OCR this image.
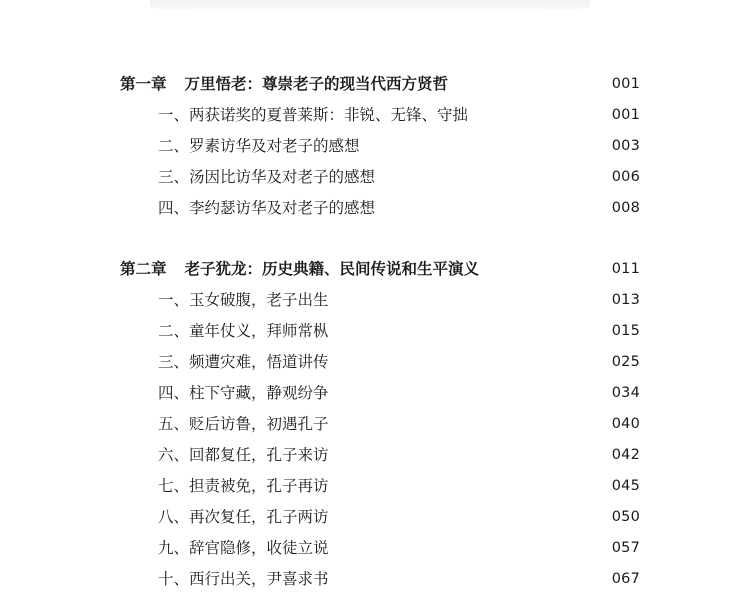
第一章 万里悟老：尊崇老子的现当代西方贤哲	001
一、两获诺奖的夏普莱斯：非锐、无锋、守拙	001
二、罗素访华及对老子的感想	003
三、汤因比访华及对老子的感想	006
四、李约瑟访华及对老子的感想	008
第二章 老子犹龙：历史典籍、民间传说和生平演义	011
一、玉女破腹，老子出生	013
二、童年仗义，拜师常枞	015
三、频遭灾难，悟道讲传	025
四、柱下守藏，静观纷争	034
五、贬后访鲁，初遇孔子	040
六、回都复任，孔子来访	042
七、担责被免，孔子再访	045
八、再次复任，孔子两访	050
九、辞官隐修，收徒立说	057
十、西行出关，尹喜求书	067
